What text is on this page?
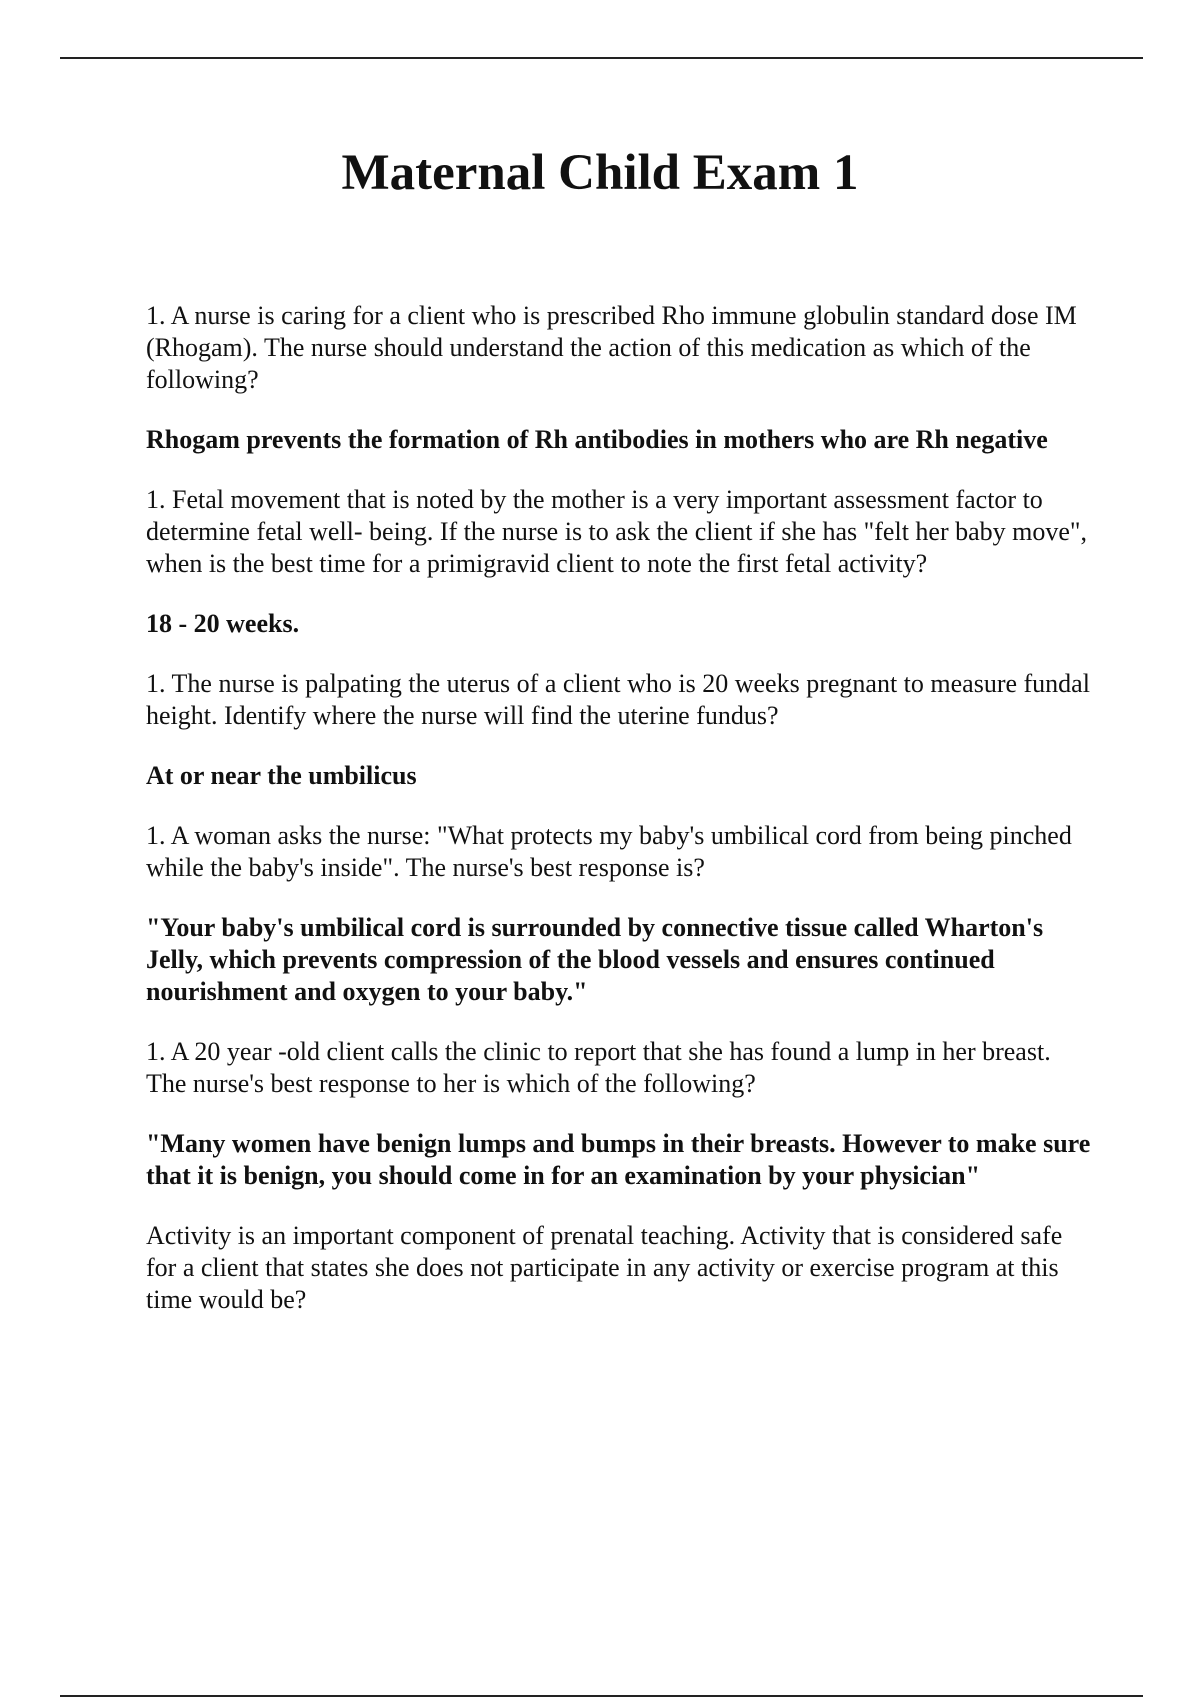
Maternal Child Exam 1

1. A nurse is caring for a client who is prescribed Rho immune globulin standard dose IM (Rhogam). The nurse should understand the action of this medication as which of the following?

Rhogam prevents the formation of Rh antibodies in mothers who are Rh negative

1. Fetal movement that is noted by the mother is a very important assessment factor to determine fetal well- being. If the nurse is to ask the client if she has "felt her baby move", when is the best time for a primigravid client to note the first fetal activity?

18 - 20 weeks.

1. The nurse is palpating the uterus of a client who is 20 weeks pregnant to measure fundal height. Identify where the nurse will find the uterine fundus?

At or near the umbilicus

1. A woman asks the nurse: "What protects my baby's umbilical cord from being pinched while the baby's inside". The nurse's best response is?

"Your baby's umbilical cord is surrounded by connective tissue called Wharton's Jelly, which prevents compression of the blood vessels and ensures continued nourishment and oxygen to your baby."

1. A 20 year -old client calls the clinic to report that she has found a lump in her breast. The nurse's best response to her is which of the following?

"Many women have benign lumps and bumps in their breasts. However to make sure that it is benign, you should come in for an examination by your physician"

Activity is an important component of prenatal teaching. Activity that is considered safe for a client that states she does not participate in any activity or exercise program at this time would be?
